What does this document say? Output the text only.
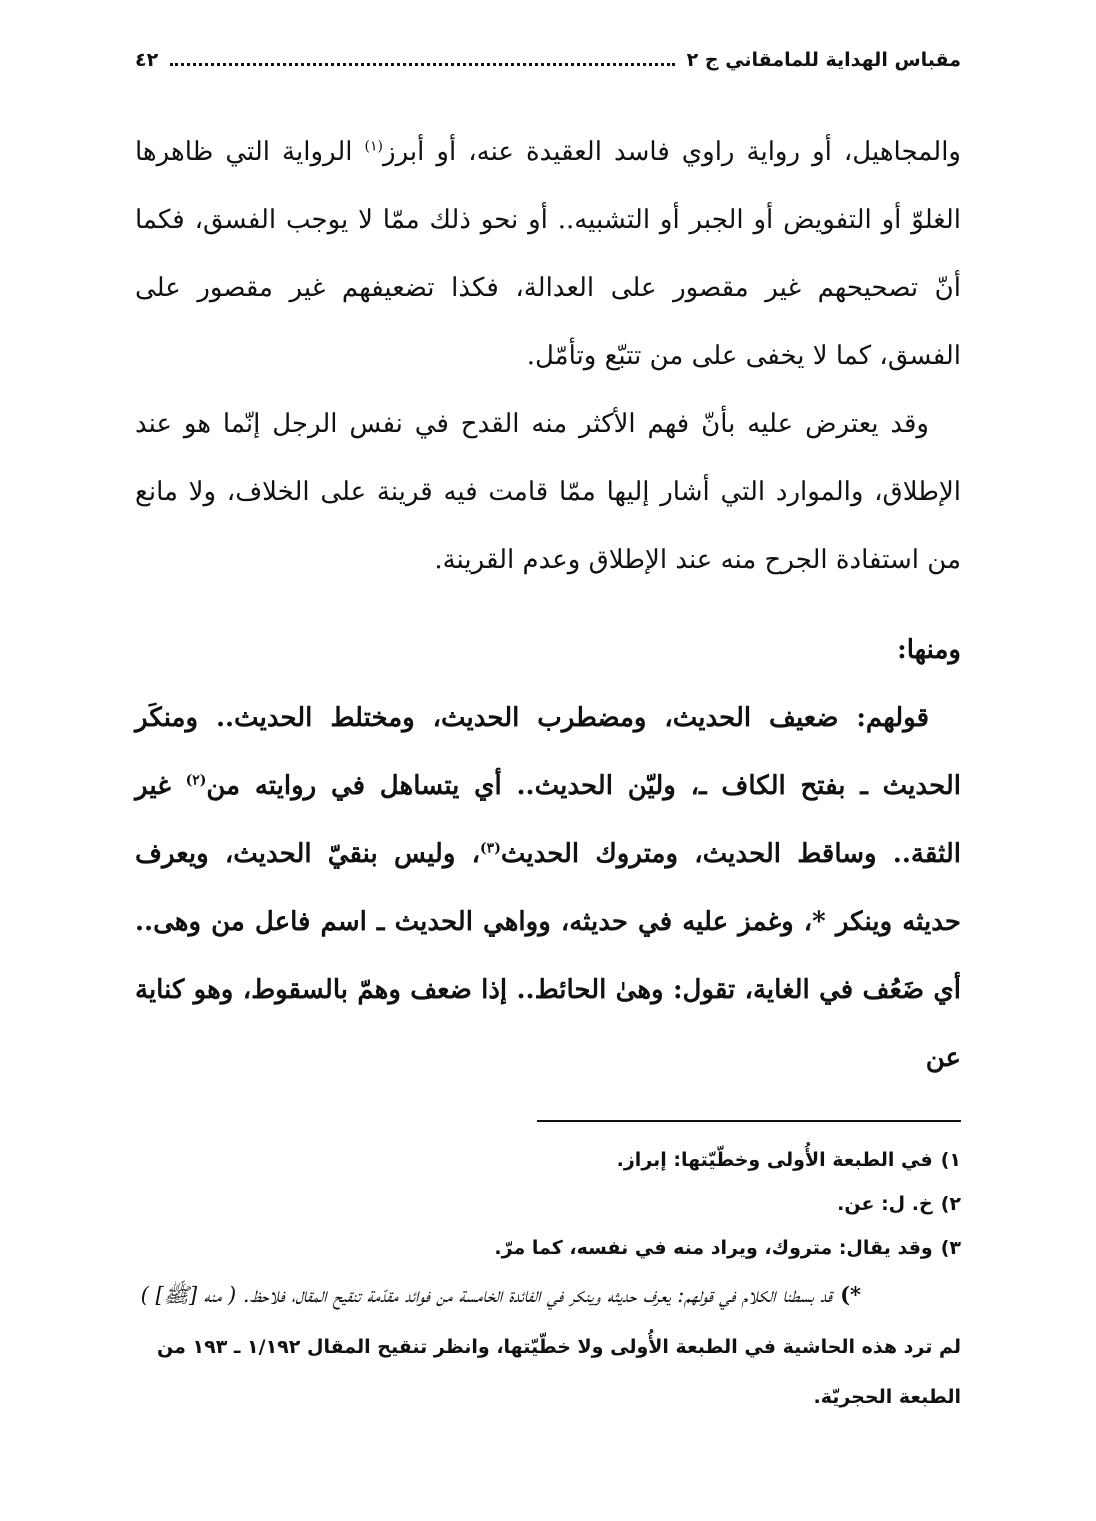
٤٢	مقباس الهداية للمامقاني ج ٢

والمجاهيل، أو رواية راوي فاسد العقيدة عنه، أو أبرز$^{(١)}$ الرواية التي ظاهرها الغلوّ أو التفويض أو الجبر أو التشبيه.. أو نحو ذلك ممّا لا يوجب الفسق، فكما أنّ تصحيحهم غير مقصور على العدالة، فكذا تضعيفهم غير مقصور على الفسق، كما لا يخفى على من تتبّع وتأمّل.

وقد يعترض عليه بأنّ فهم الأكثر منه القدح في نفس الرجل إنّما هو عند الإطلاق، والموارد التي أشار إليها ممّا قامت فيه قرينة على الخلاف، ولا مانع من استفادة الجرح منه عند الإطلاق وعدم القرينة.

ومنها:

قولهم: ضعيف الحديث، ومضطرب الحديث، ومختلط الحديث.. ومنكَر الحديث ـ بفتح الكاف ـ، وليّن الحديث.. أي يتساهل في روايته من$^{(٢)}$ غير الثقة.. وساقط الحديث، ومتروك الحديث$^{(٣)}$، وليس بنقيّ الحديث، ويعرف حديثه وينكر *، وغمز عليه في حديثه، وواهي الحديث ـ اسم فاعل من وهى.. أي ضَعُف في الغاية، تقول: وهىٰ الحائط.. إذا ضعف وهمّ بالسقوط، وهو كناية عن

١)في الطبعة الأُولى وخطّيّتها: إبراز.

٢)خ. ل: عن.

٣)وقد يقال: متروك، ويراد منه في نفسه، كما مرّ.

*)قد بسطنا الكلام في قولهم: يعرف حديثه وينكر في الفائدة الخامسة من فوائد مقدّمة تنقيح المقال، فلاحظ. ( منه [ﷺ] )

لم ترد هذه الحاشية في الطبعة الأُولى ولا خطّيّتها، وانظر تنقيح المقال ١/١٩٢ ـ ١٩٣ من الطبعة الحجريّة.
